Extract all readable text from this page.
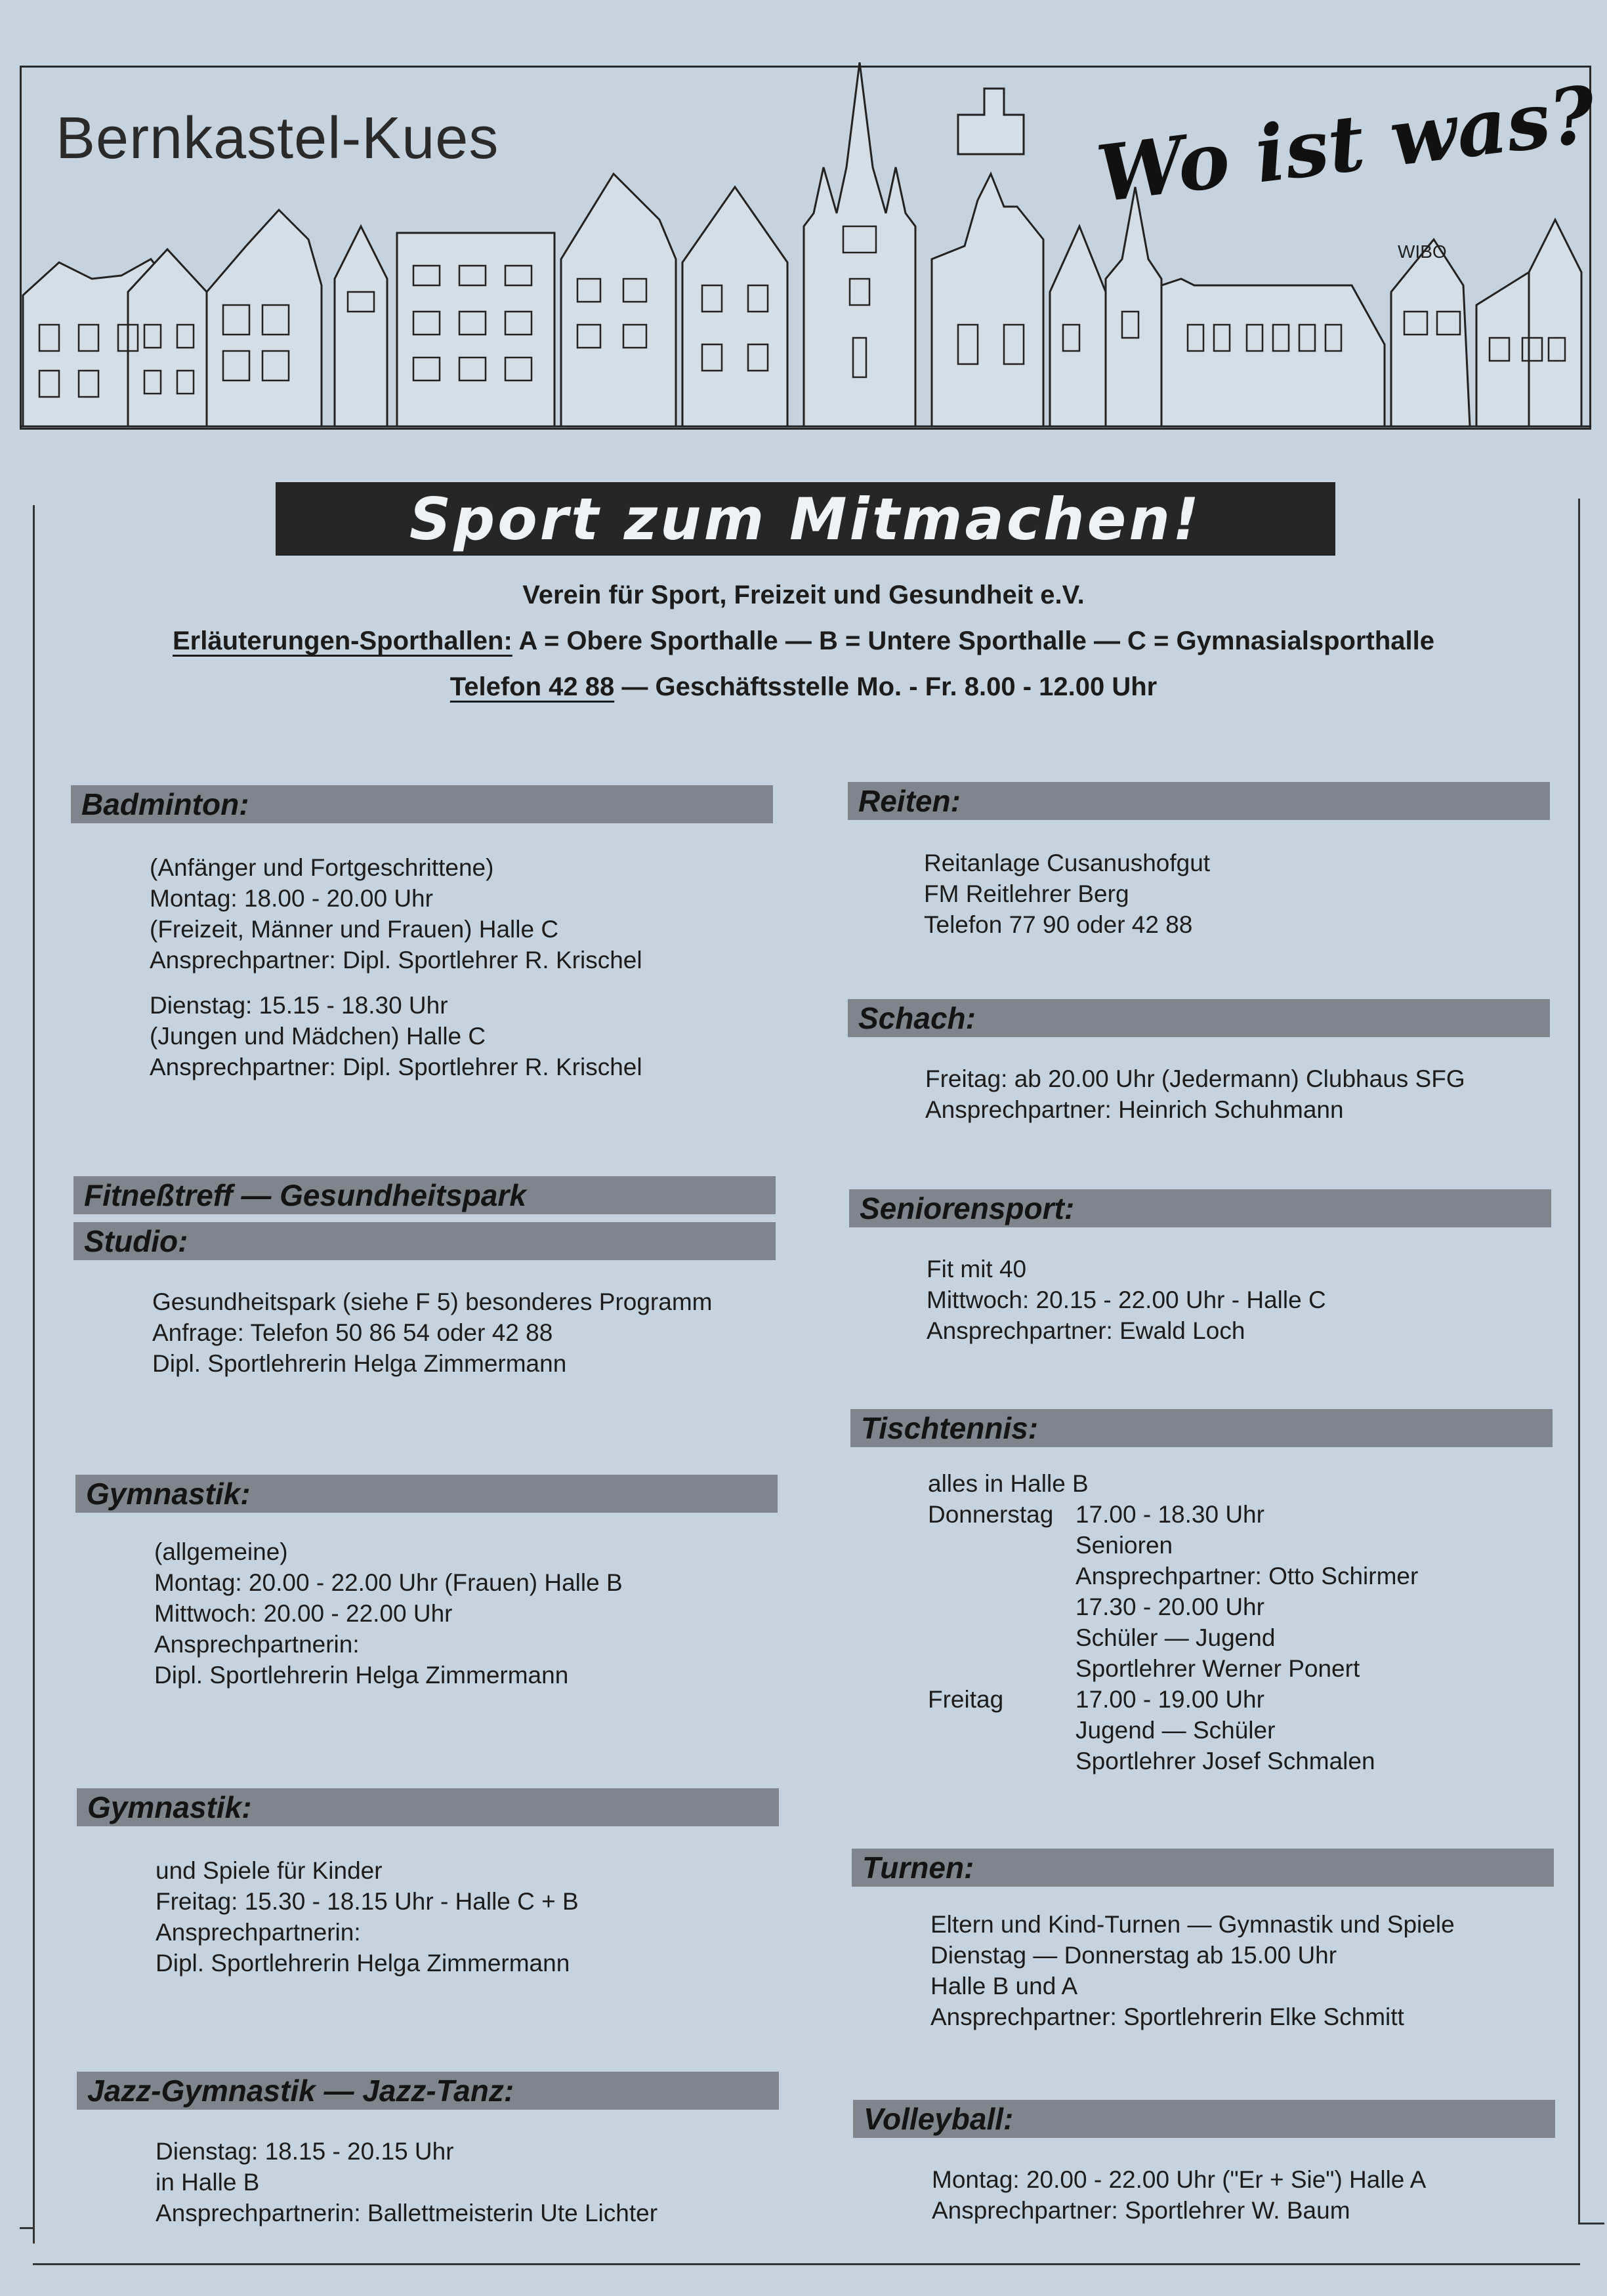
Bernkastel-Kues	Wo ist was?
WIBO
Sport zum Mitmachen!
Verein für Sport, Freizeit und Gesundheit e.V.
Erläuterungen-Sporthallen: A = Obere Sporthalle — B = Untere Sporthalle — C = Gymnasialsporthalle
Telefon 42 88 — Geschäftsstelle Mo. - Fr. 8.00 - 12.00 Uhr
Badminton:
(Anfänger und Fortgeschrittene)
Montag: 18.00 - 20.00 Uhr
(Freizeit, Männer und Frauen) Halle C
Ansprechpartner: Dipl. Sportlehrer R. Krischel
Dienstag: 15.15 - 18.30 Uhr
(Jungen und Mädchen) Halle C
Ansprechpartner: Dipl. Sportlehrer R. Krischel
Fitneßtreff — Gesundheitspark
Studio:
Gesundheitspark (siehe F 5) besonderes Programm
Anfrage: Telefon 50 86 54 oder 42 88
Dipl. Sportlehrerin Helga Zimmermann
Gymnastik:
(allgemeine)
Montag: 20.00 - 22.00 Uhr (Frauen) Halle B
Mittwoch: 20.00 - 22.00 Uhr
Ansprechpartnerin:
Dipl. Sportlehrerin Helga Zimmermann
Gymnastik:
und Spiele für Kinder
Freitag: 15.30 - 18.15 Uhr - Halle C + B
Ansprechpartnerin:
Dipl. Sportlehrerin Helga Zimmermann
Jazz-Gymnastik — Jazz-Tanz:
Dienstag: 18.15 - 20.15 Uhr
in Halle B
Ansprechpartnerin: Ballettmeisterin Ute Lichter
Reiten:
Reitanlage Cusanushofgut
FM Reitlehrer Berg
Telefon 77 90 oder 42 88
Schach:
Freitag: ab 20.00 Uhr (Jedermann) Clubhaus SFG
Ansprechpartner: Heinrich Schuhmann
Seniorensport:
Fit mit 40
Mittwoch: 20.15 - 22.00 Uhr - Halle C
Ansprechpartner: Ewald Loch
Tischtennis:
alles in Halle B
Donnerstag 17.00 - 18.30 Uhr
Senioren
Ansprechpartner: Otto Schirmer
17.30 - 20.00 Uhr
Schüler — Jugend
Sportlehrer Werner Ponert
Freitag	17.00 - 19.00 Uhr
Jugend — Schüler
Sportlehrer Josef Schmalen
Turnen:
Eltern und Kind-Turnen — Gymnastik und Spiele
Dienstag — Donnerstag ab 15.00 Uhr
Halle B und A
Ansprechpartner: Sportlehrerin Elke Schmitt
Volleyball:
Montag: 20.00 - 22.00 Uhr ("Er + Sie") Halle A
Ansprechpartner: Sportlehrer W. Baum
